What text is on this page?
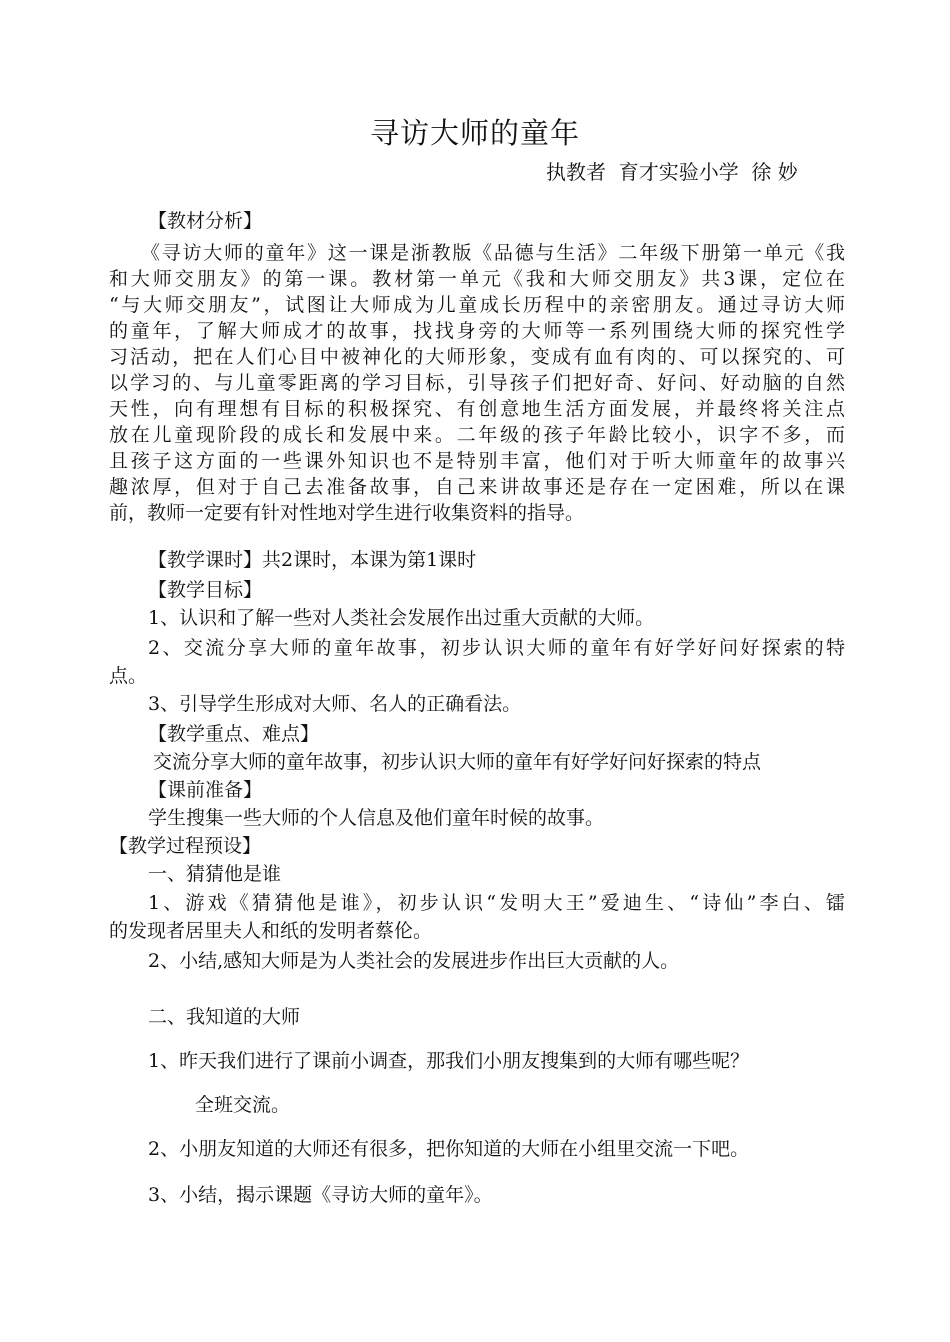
寻访大师的童年
执教者  育才实验小学  徐 妙
【教材分析】
《寻访大师的童年》这一课是浙教版《品德与生活》二年级下册第一单元《我
和大师交朋友》的第一课。教材第一单元《我和大师交朋友》共3课，定位在
“与大师交朋友”，试图让大师成为儿童成长历程中的亲密朋友。通过寻访大师
的童年，了解大师成才的故事，找找身旁的大师等一系列围绕大师的探究性学
习活动，把在人们心目中被神化的大师形象，变成有血有肉的、可以探究的、可
以学习的、与儿童零距离的学习目标，引导孩子们把好奇、好问、好动脑的自然
天性，向有理想有目标的积极探究、有创意地生活方面发展，并最终将关注点
放在儿童现阶段的成长和发展中来。二年级的孩子年龄比较小，识字不多，而
且孩子这方面的一些课外知识也不是特别丰富，他们对于听大师童年的故事兴
趣浓厚，但对于自己去准备故事，自己来讲故事还是存在一定困难，所以在课
前，教师一定要有针对性地对学生进行收集资料的指导。
【教学课时】共2课时，本课为第1课时
【教学目标】
1、认识和了解一些对人类社会发展作出过重大贡献的大师。
2、交流分享大师的童年故事，初步认识大师的童年有好学好问好探索的特
点。
3、引导学生形成对大师、名人的正确看法。
【教学重点、难点】
交流分享大师的童年故事，初步认识大师的童年有好学好问好探索的特点
【课前准备】
学生搜集一些大师的个人信息及他们童年时候的故事。
【教学过程预设】
一、猜猜他是谁
1、游戏《猜猜他是谁》，初步认识“发明大王”爱迪生、“诗仙”李白、镭
的发现者居里夫人和纸的发明者蔡伦。
2、小结,感知大师是为人类社会的发展进步作出巨大贡献的人。
二、我知道的大师
1、昨天我们进行了课前小调查，那我们小朋友搜集到的大师有哪些呢？
全班交流。
2、小朋友知道的大师还有很多，把你知道的大师在小组里交流一下吧。
3、小结，揭示课题《寻访大师的童年》。
